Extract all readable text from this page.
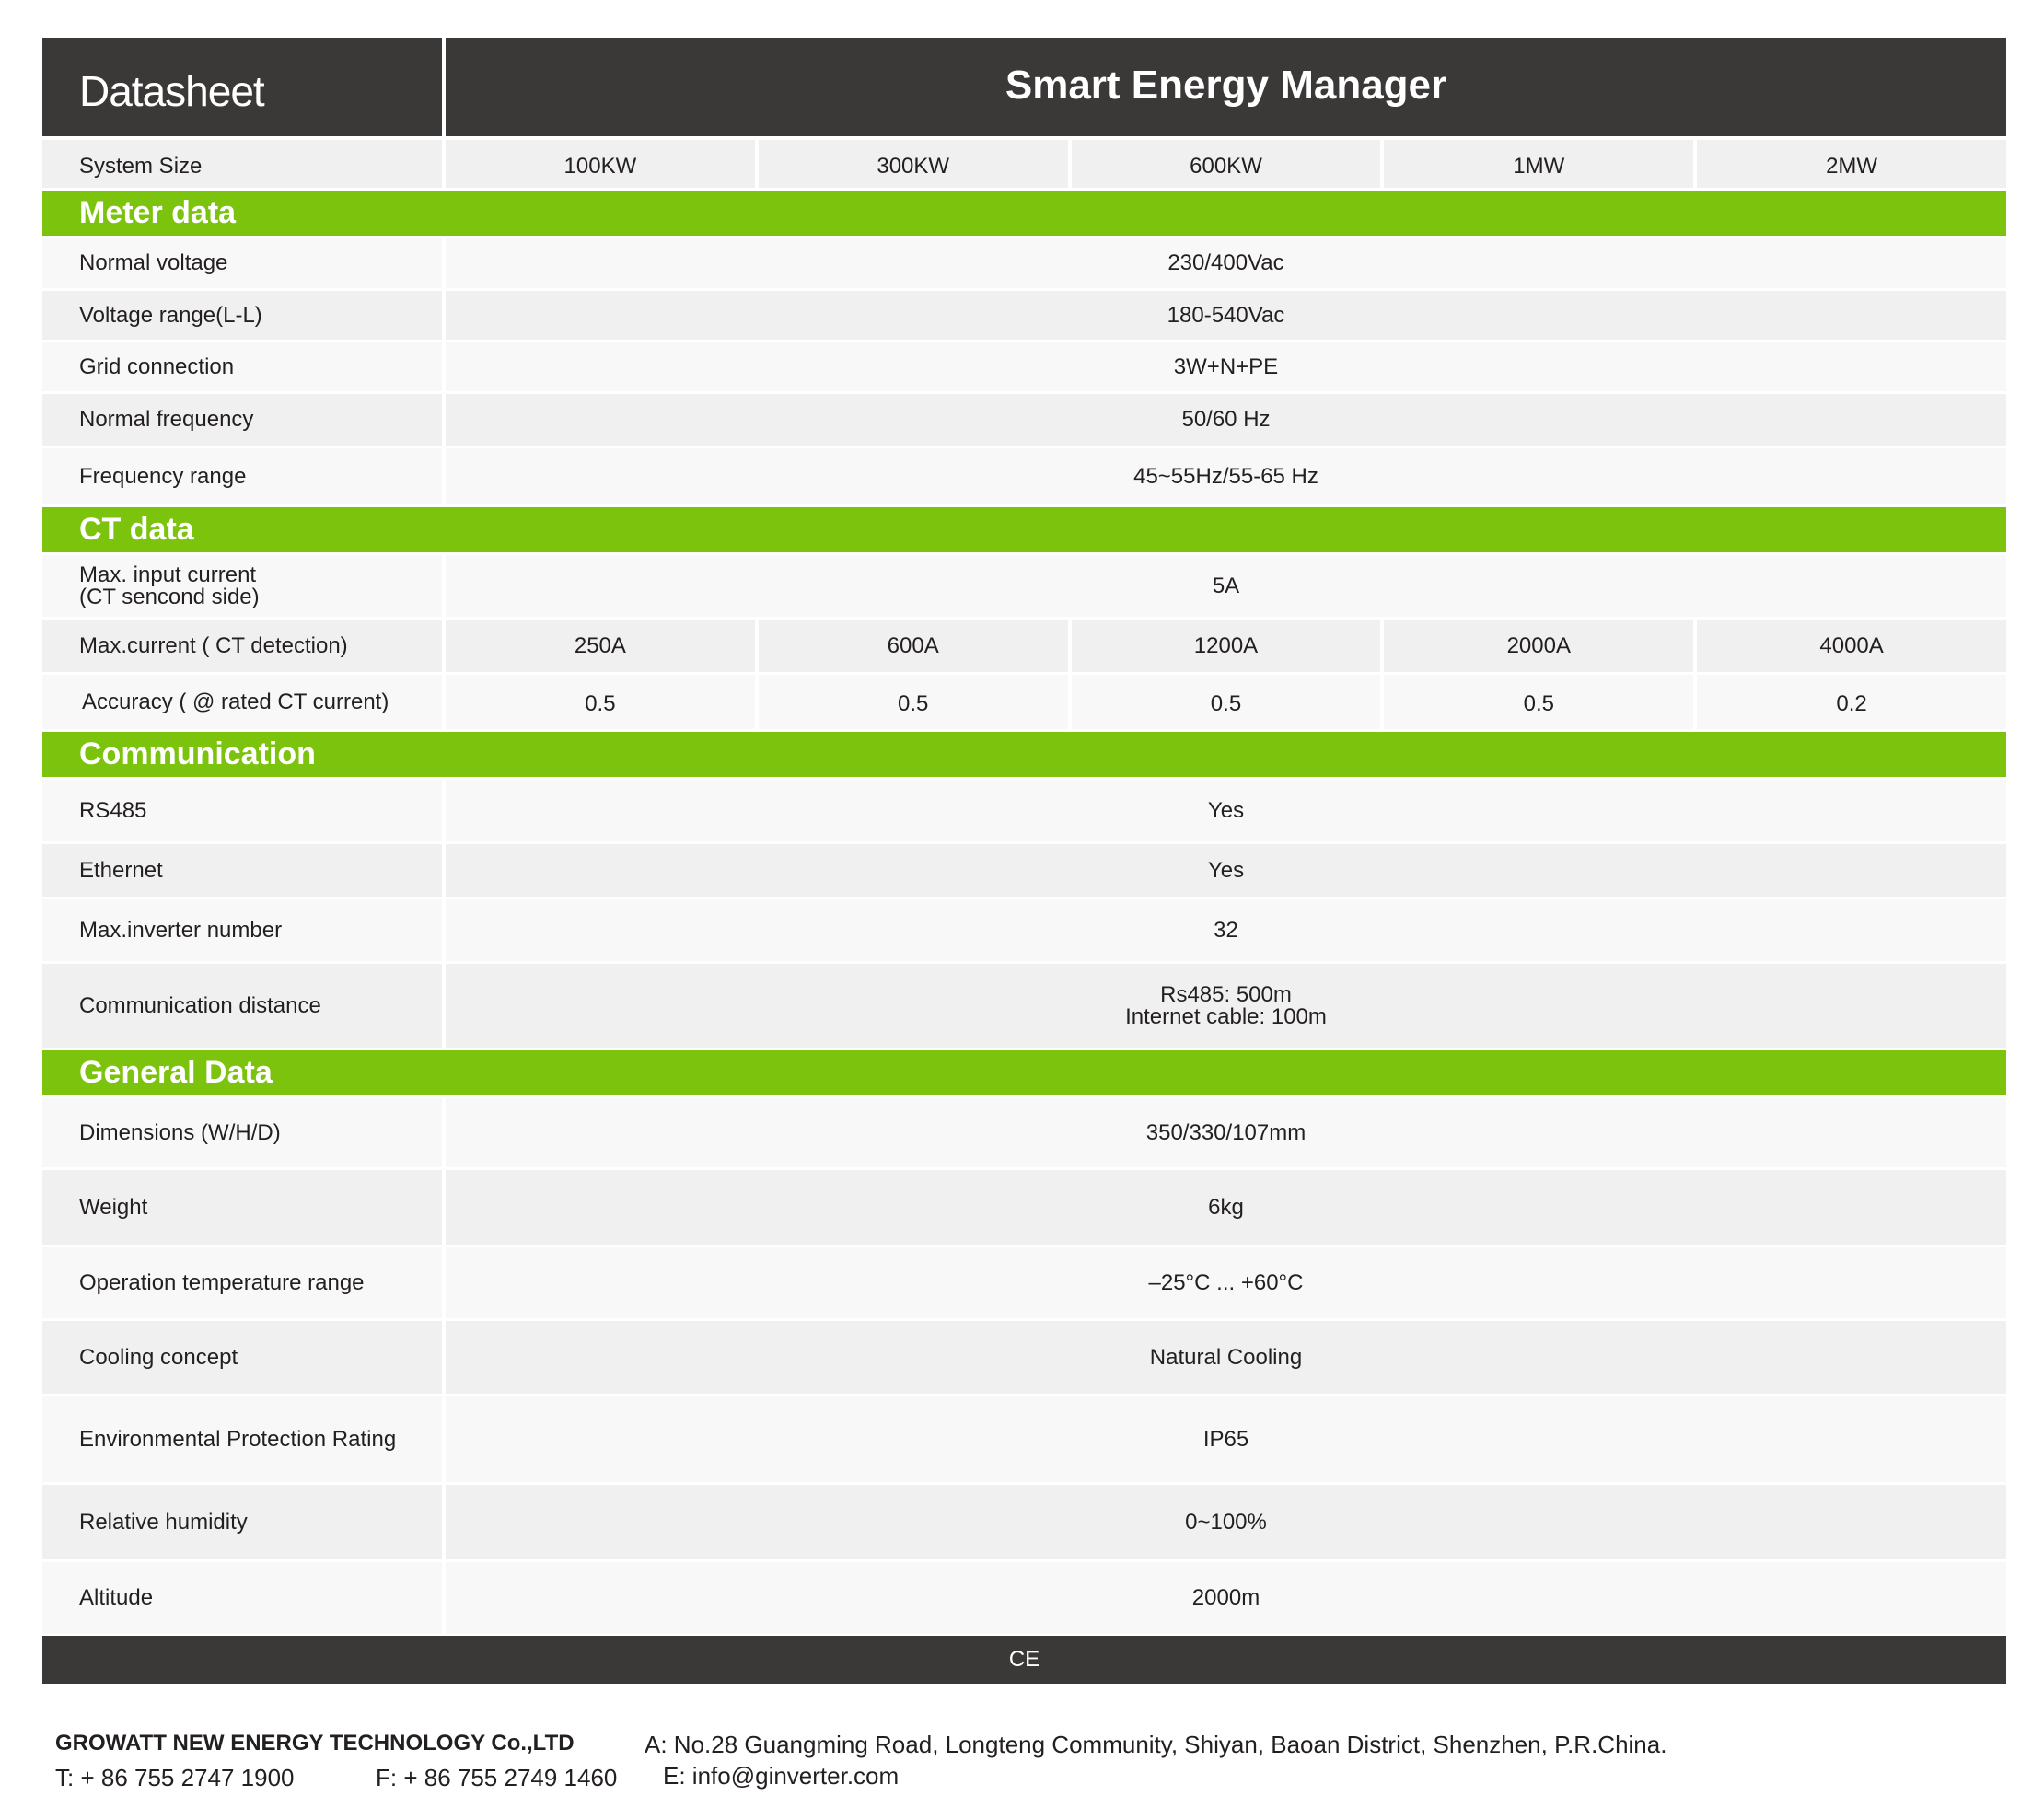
Datasheet	Smart Energy Manager
System Size	100KW	300KW	600KW	1MW	2MW
Meter data
Normal voltage	230/400Vac
Voltage range(L-L)	180-540Vac
Grid connection	3W+N+PE
Normal frequency	50/60 Hz
Frequency range	45~55Hz/55-65 Hz
CT data
Max. input current
(CT sencond side)	5A
Max.current ( CT detection)	250A	600A	1200A	2000A	4000A
Accuracy ( @ rated CT current)	0.5	0.5	0.5	0.5	0.2
Communication
RS485	Yes
Ethernet	Yes
Max.inverter number	32
Communication distance	Rs485: 500m
Internet cable: 100m
General Data
Dimensions (W/H/D)	350/330/107mm
Weight	6kg
Operation temperature range	–25°C ... +60°C
Cooling concept	Natural Cooling
Environmental Protection Rating	IP65
Relative humidity	0~100%
Altitude	2000m
CE
GROWATT NEW ENERGY TECHNOLOGY Co.,LTD	A: No.28 Guangming Road, Longteng Community, Shiyan, Baoan District, Shenzhen, P.R.China.
T: + 86 755 2747 1900	F: + 86 755 2749 1460 E: info@ginverter.com
